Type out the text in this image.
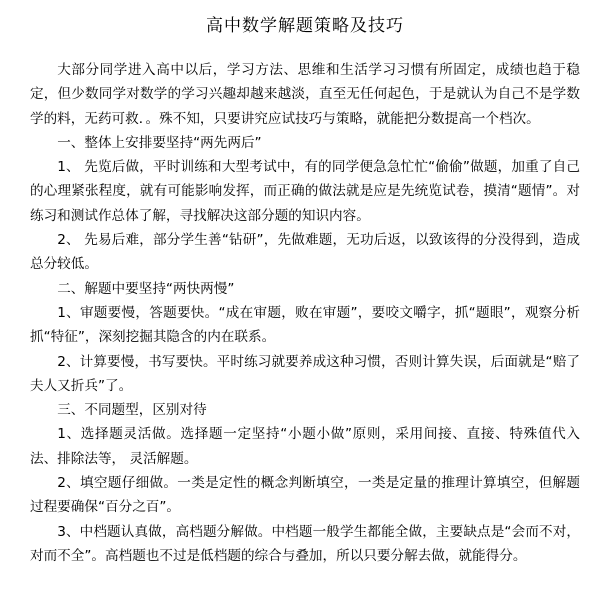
高中数学解题策略及技巧

大部分同学进入高中以后，学习方法、思维和生活学习习惯有所固定，成绩也趋于稳定，但少数同学对数学的学习兴趣却越来越淡，直至无任何起色，于是就认为自己不是学数学的料，无药可救．。殊不知，只要讲究应试技巧与策略，就能把分数提高一个档次。

一、整体上安排要坚持“两先两后”

1、 先览后做，平时训练和大型考试中，有的同学便急急忙忙“偷偷”做题，加重了自己的心理紧张程度，就有可能影响发挥，而正确的做法就是应是先统览试卷，摸清“题情”。对练习和测试作总体了解，寻找解决这部分题的知识内容。

2、 先易后难，部分学生善“钻研”，先做难题，无功后返，以致该得的分没得到，造成总分较低。

二、解题中要坚持“两快两慢”

1、审题要慢，答题要快。“成在审题，败在审题”，要咬文嚼字，抓“题眼”，观察分析抓“特征”，深刻挖掘其隐含的内在联系。

2、计算要慢，书写要快。平时练习就要养成这种习惯，否则计算失误，后面就是“赔了夫人又折兵”了。

三、不同题型，区别对待

1、选择题灵活做。选择题一定坚持“小题小做”原则，采用间接、直接、特殊值代入法、排除法等， 灵活解题。

2、填空题仔细做。一类是定性的概念判断填空，一类是定量的推理计算填空，但解题过程要确保“百分之百”。

3、中档题认真做，高档题分解做。中档题一般学生都能全做，主要缺点是“会而不对，对而不全”。高档题也不过是低档题的综合与叠加，所以只要分解去做，就能得分。
